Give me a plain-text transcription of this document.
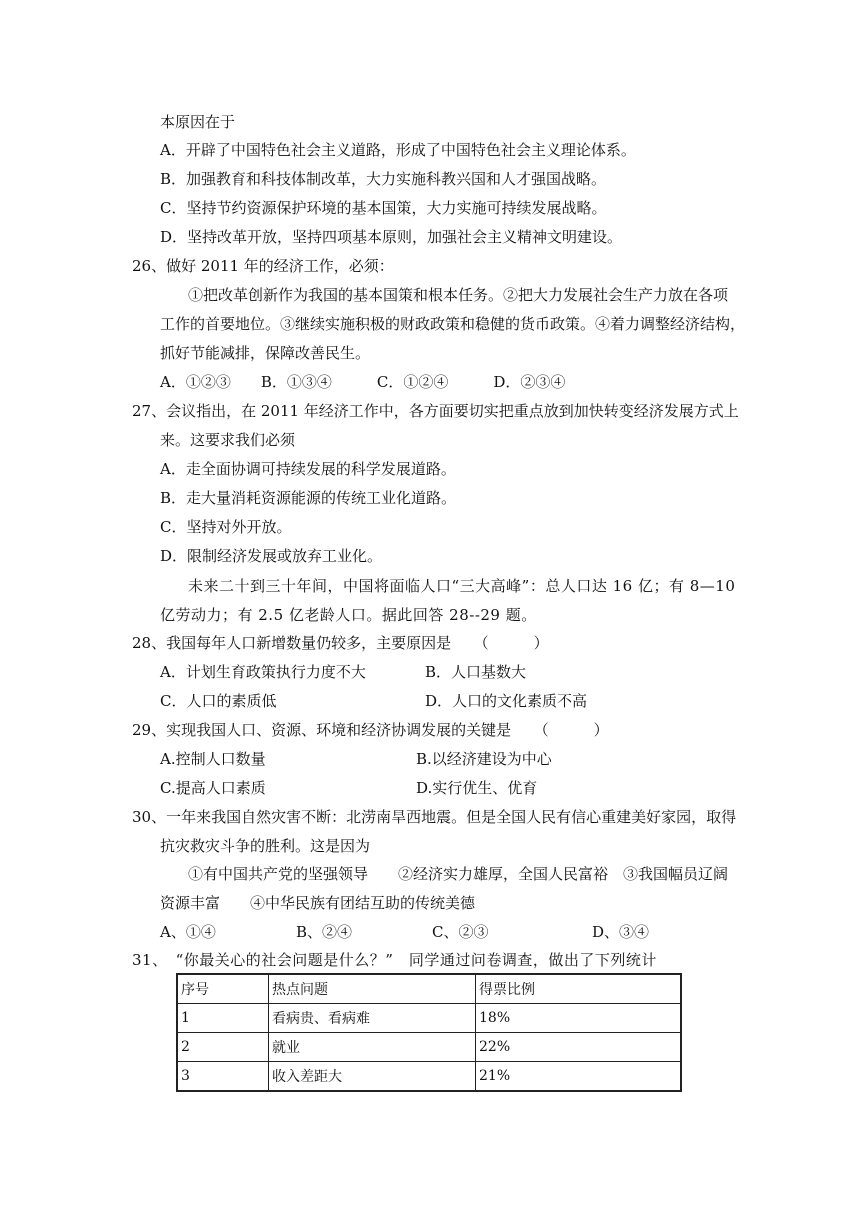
本原因在于
A．开辟了中国特色社会主义道路，形成了中国特色社会主义理论体系。
B．加强教育和科技体制改革，大力实施科教兴国和人才强国战略。
C．坚持节约资源保护环境的基本国策，大力实施可持续发展战略。
D．坚持改革开放，坚持四项基本原则，加强社会主义精神文明建设。
26、做好 2011 年的经济工作，必须：
①把改革创新作为我国的基本国策和根本任务。②把大力发展社会生产力放在各项
工作的首要地位。③继续实施积极的财政政策和稳健的货币政策。④着力调整经济结构，
抓好节能减排，保障改善民生。
A．①②③　　B．①③④　　　C．①②④　　　D．②③④
27、会议指出，在 2011 年经济工作中，各方面要切实把重点放到加快转变经济发展方式上
来。这要求我们必须
A．走全面协调可持续发展的科学发展道路。
B．走大量消耗资源能源的传统工业化道路。
C．坚持对外开放。
D．限制经济发展或放弃工业化。
未来二十到三十年间，中国将面临人口“三大高峰”：总人口达 16 亿；有 8—10
亿劳动力；有 2.5 亿老龄人口。据此回答 28--29 题。
28、我国每年人口新增数量仍较多，主要原因是　　（　　　）
A．计划生育政策执行力度不大	B．人口基数大
C．人口的素质低	D．人口的文化素质不高
29、实现我国人口、资源、环境和经济协调发展的关键是　　（　　　）
A.控制人口数量	B.以经济建设为中心
C.提高人口素质	D.实行优生、优育
30、一年来我国自然灾害不断：北涝南旱西地震。但是全国人民有信心重建美好家园，取得
抗灾救灾斗争的胜利。这是因为
①有中国共产党的坚强领导　　②经济实力雄厚，全国人民富裕　③我国幅员辽阔
资源丰富　　④中华民族有团结互助的传统美德
A、①④	B、②④	C、②③	D、③④
31、　“你最关心的社会问题是什么？”　同学通过问卷调查，做出了下列统计
序号	热点问题	得票比例
1	看病贵、看病难	18%
2	就业	22%
3	收入差距大	21%
